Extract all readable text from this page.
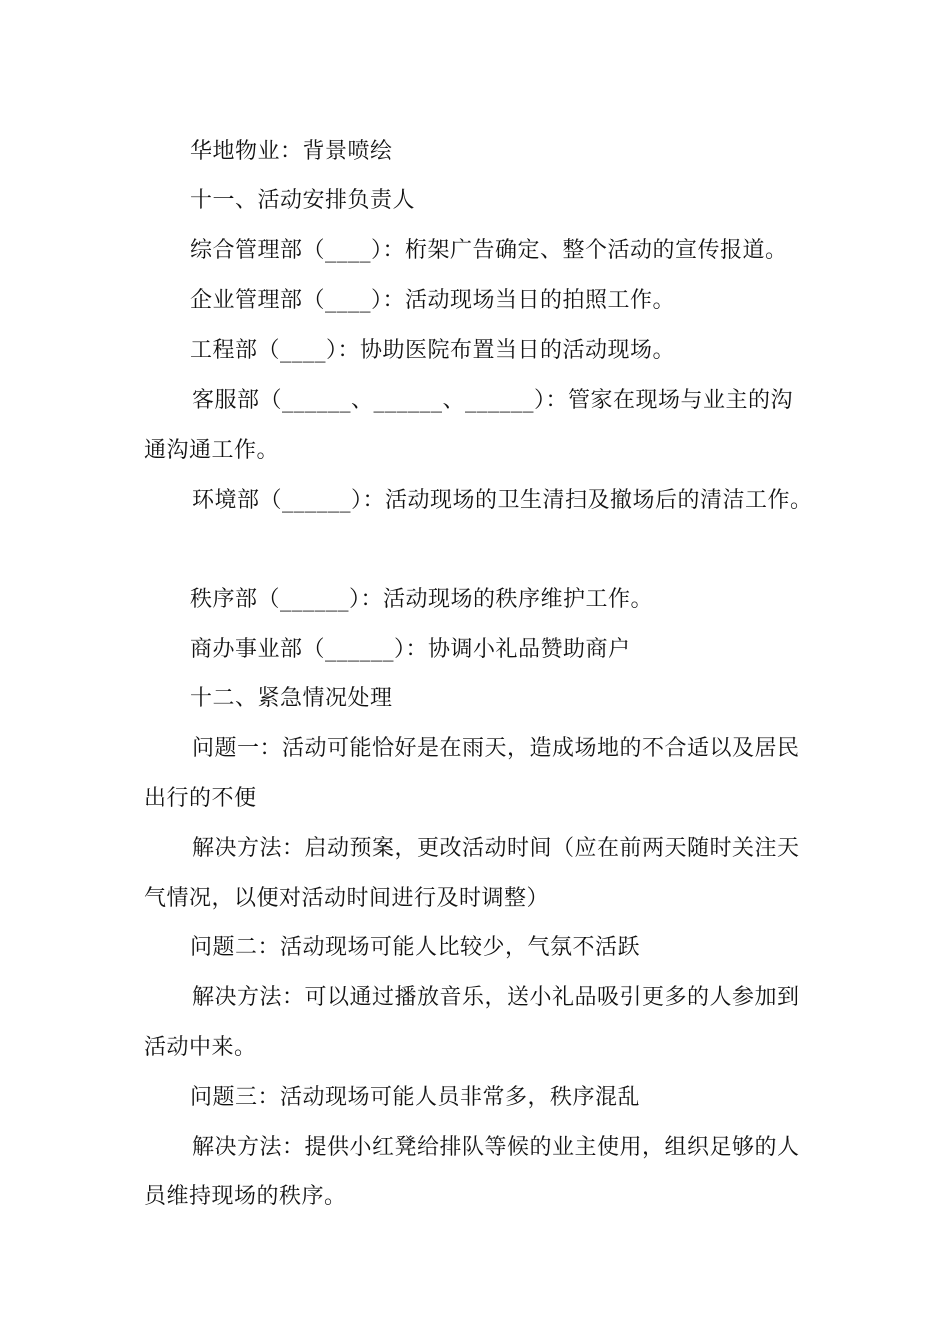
华地物业：背景喷绘
十一、活动安排负责人
综合管理部（____）：桁架广告确定、整个活动的宣传报道。
企业管理部（____）：活动现场当日的拍照工作。
工程部（____）：协助医院布置当日的活动现场。
客服部（______、______、______）：管家在现场与业主的沟
通沟通工作。
环境部（______）：活动现场的卫生清扫及撤场后的清洁工作。
秩序部（______）：活动现场的秩序维护工作。
商办事业部（______）：协调小礼品赞助商户
十二、紧急情况处理
问题一：活动可能恰好是在雨天，造成场地的不合适以及居民
出行的不便
解决方法：启动预案，更改活动时间（应在前两天随时关注天
气情况，以便对活动时间进行及时调整）
问题二：活动现场可能人比较少，气氛不活跃
解决方法：可以通过播放音乐，送小礼品吸引更多的人参加到
活动中来。
问题三：活动现场可能人员非常多，秩序混乱
解决方法：提供小红凳给排队等候的业主使用，组织足够的人
员维持现场的秩序。
